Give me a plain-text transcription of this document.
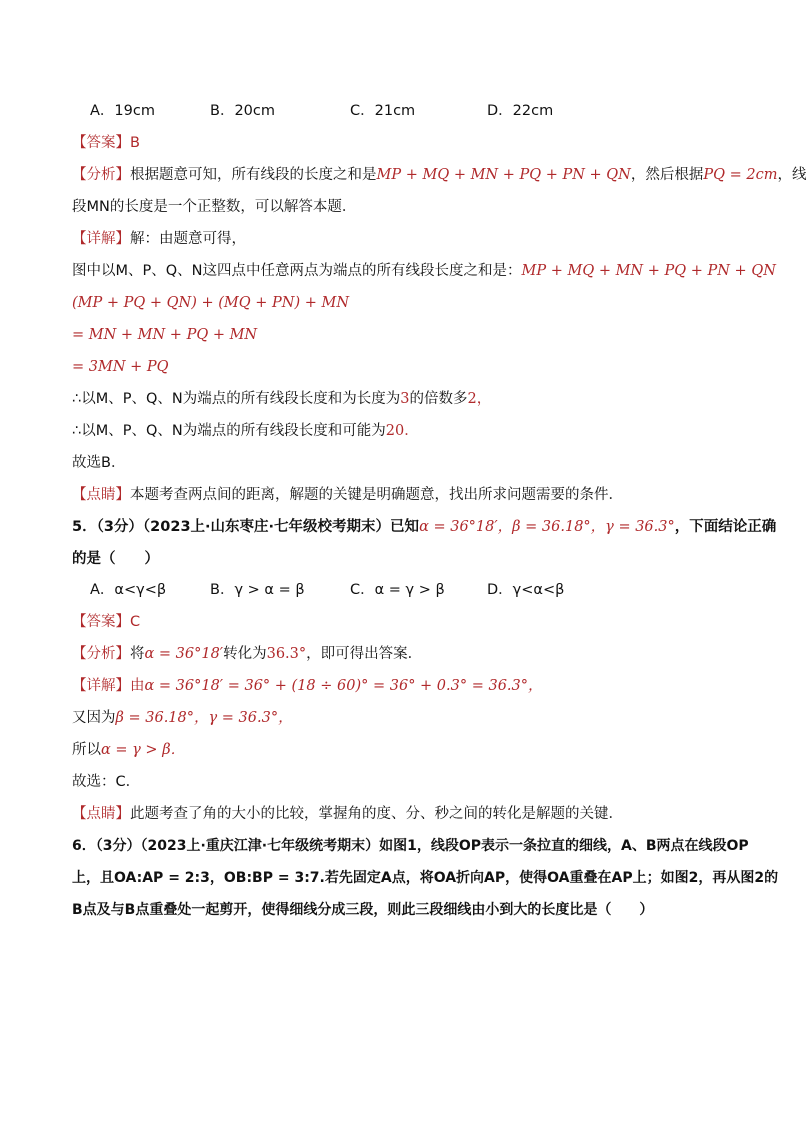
A．19cm	B．20cm	C．21cm	D．22cm
【答案】B
【分析】根据题意可知，所有线段的长度之和是MP + MQ + MN + PQ + PN + QN，然后根据PQ = 2cm，线
段MN的长度是一个正整数，可以解答本题．
【详解】解：由题意可得，
图中以M、P、Q、N这四点中任意两点为端点的所有线段长度之和是：MP + MQ + MN + PQ + PN + QN
(MP + PQ + QN) + (MQ + PN) + MN
= MN + MN + PQ + MN
= 3MN + PQ
∴以M、P、Q、N为端点的所有线段长度和为长度为3的倍数多2，
∴以M、P、Q、N为端点的所有线段长度和可能为20．
故选B．
【点睛】本题考查两点间的距离，解题的关键是明确题意，找出所求问题需要的条件．
5．（3分）（2023上·山东枣庄·七年级校考期末）已知α = 36°18′，β = 36.18°，γ = 36.3°，下面结论正确
的是（　　）
A．α<γ<β	B．γ > α = β	C．α = γ > β	D．γ<α<β
【答案】C
【分析】将α = 36°18′转化为36.3°，即可得出答案．
【详解】由α = 36°18′ = 36° + (18 ÷ 60)° = 36° + 0.3° = 36.3°，
又因为β = 36.18°，γ = 36.3°，
所以α = γ > β．
故选：C．
【点睛】此题考查了角的大小的比较，掌握角的度、分、秒之间的转化是解题的关键．
6．（3分）（2023上·重庆江津·七年级统考期末）如图1，线段OP表示一条拉直的细线，A、B两点在线段OP
上，且OA:AP = 2:3，OB:BP = 3:7.若先固定A点，将OA折向AP，使得OA重叠在AP上；如图2，再从图2的
B点及与B点重叠处一起剪开，使得细线分成三段，则此三段细线由小到大的长度比是（　　）
